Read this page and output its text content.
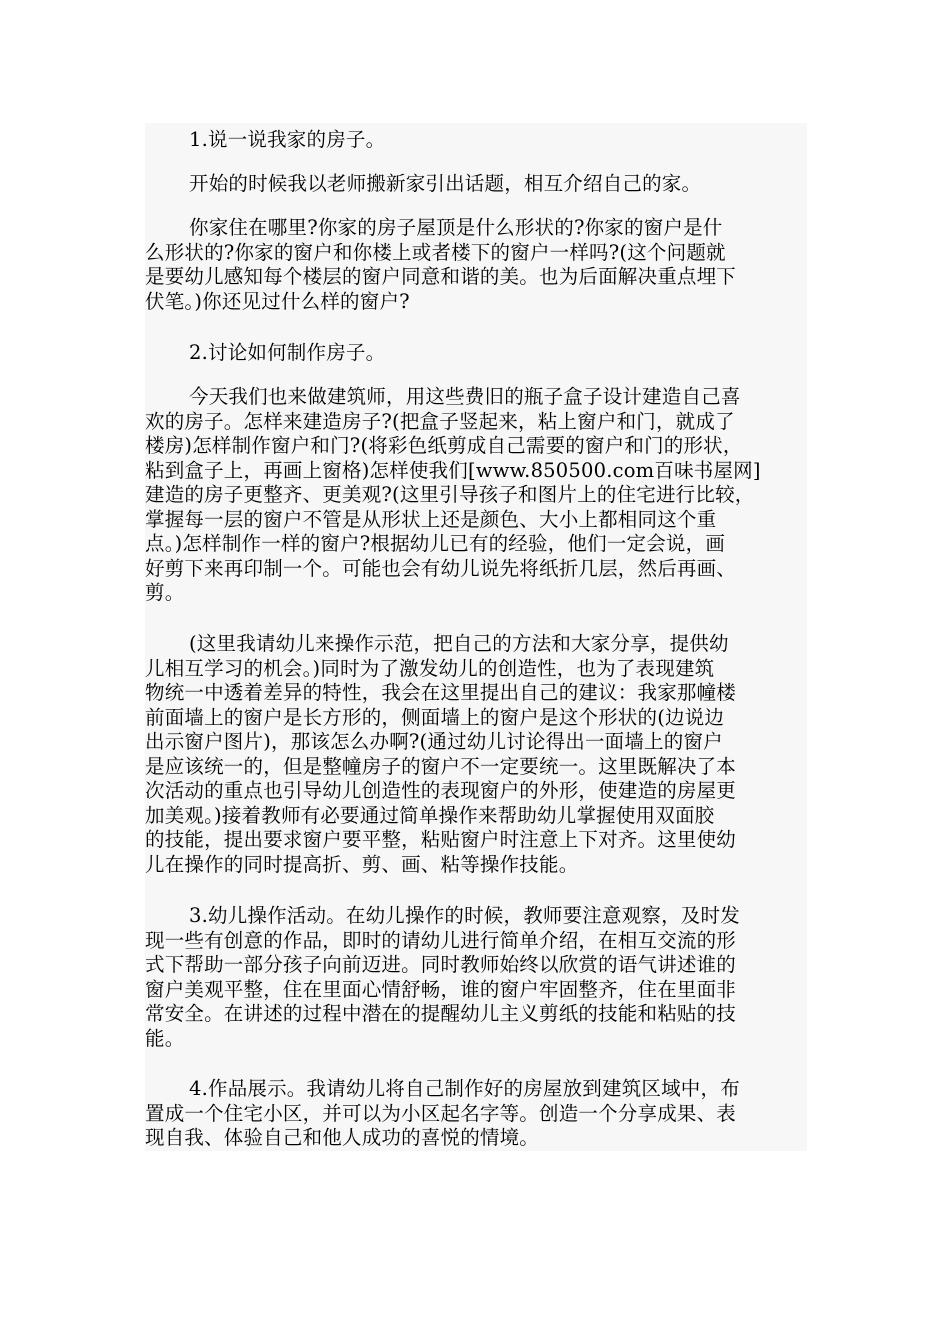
1.说一说我家的房子。
开始的时候我以老师搬新家引出话题，相互介绍自己的家。
你家住在哪里?你家的房子屋顶是什么形状的?你家的窗户是什
么形状的?你家的窗户和你楼上或者楼下的窗户一样吗?(这个问题就
是要幼儿感知每个楼层的窗户同意和谐的美。也为后面解决重点埋下
伏笔。)你还见过什么样的窗户?
2.讨论如何制作房子。
今天我们也来做建筑师，用这些费旧的瓶子盒子设计建造自己喜
欢的房子。怎样来建造房子?(把盒子竖起来，粘上窗户和门，就成了
楼房)怎样制作窗户和门?(将彩色纸剪成自己需要的窗户和门的形状，
粘到盒子上，再画上窗格)怎样使我们[www.850500.com百味书屋网]
建造的房子更整齐、更美观?(这里引导孩子和图片上的住宅进行比较，
掌握每一层的窗户不管是从形状上还是颜色、大小上都相同这个重
点。)怎样制作一样的窗户?根据幼儿已有的经验，他们一定会说，画
好剪下来再印制一个。可能也会有幼儿说先将纸折几层，然后再画、
剪。
(这里我请幼儿来操作示范，把自己的方法和大家分享，提供幼
儿相互学习的机会。)同时为了激发幼儿的创造性，也为了表现建筑
物统一中透着差异的特性，我会在这里提出自己的建议：我家那幢楼
前面墙上的窗户是长方形的，侧面墙上的窗户是这个形状的(边说边
出示窗户图片)，那该怎么办啊?(通过幼儿讨论得出一面墙上的窗户
是应该统一的，但是整幢房子的窗户不一定要统一。这里既解决了本
次活动的重点也引导幼儿创造性的表现窗户的外形，使建造的房屋更
加美观。)接着教师有必要通过简单操作来帮助幼儿掌握使用双面胶
的技能，提出要求窗户要平整，粘贴窗户时注意上下对齐。这里使幼
儿在操作的同时提高折、剪、画、粘等操作技能。
3.幼儿操作活动。在幼儿操作的时候，教师要注意观察，及时发
现一些有创意的作品，即时的请幼儿进行简单介绍，在相互交流的形
式下帮助一部分孩子向前迈进。同时教师始终以欣赏的语气讲述谁的
窗户美观平整，住在里面心情舒畅，谁的窗户牢固整齐，住在里面非
常安全。在讲述的过程中潜在的提醒幼儿主义剪纸的技能和粘贴的技
能。
4.作品展示。我请幼儿将自己制作好的房屋放到建筑区域中，布
置成一个住宅小区，并可以为小区起名字等。创造一个分享成果、表
现自我、体验自己和他人成功的喜悦的情境。
